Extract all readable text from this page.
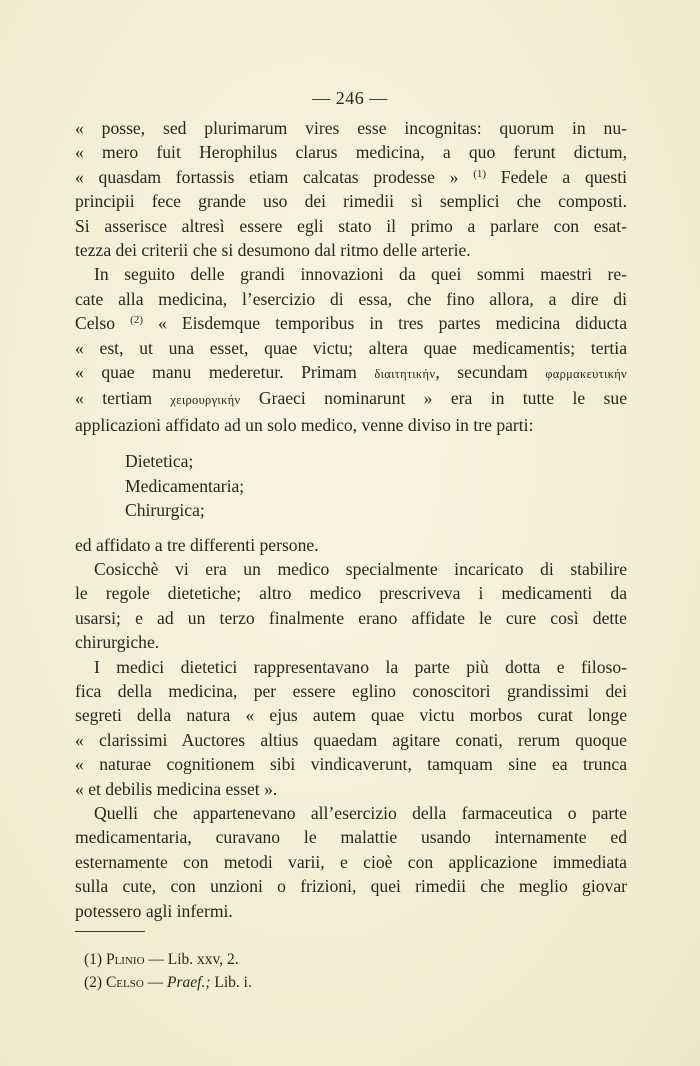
— 246 —

« posse, sed plurimarum vires esse incognitas: quorum in nu-
« mero fuit Herophilus clarus medicina, a quo ferunt dictum,
« quasdam fortassis etiam calcatas prodesse » $^{(1)}$ Fedele a questi
principii fece grande uso dei rimedii sì semplici che composti.
Si asserisce altresì essere egli stato il primo a parlare con esat-
tezza dei criterii che si desumono dal ritmo delle arterie.

In seguito delle grandi innovazioni da quei sommi maestri re-
cate alla medicina, l’esercizio di essa, che fino allora, a dire di
Celso $^{(2)}$ « Eisdemque temporibus in tres partes medicina diducta
« est, ut una esset, quae victu; altera quae medicamentis; tertia
« quae manu mederetur. Primam διαιτητικήν, secundam φαρμακευτικήν
« tertiam χειρουργικήν Graeci nominarunt » era in tutte le sue
applicazioni affidato ad un solo medico, venne diviso in tre parti:

Dietetica;
Medicamentaria;
Chirurgica;

ed affidato a tre differenti persone.

Cosicchè vi era un medico specialmente incaricato di stabilire
le regole dietetiche; altro medico prescriveva i medicamenti da
usarsi; e ad un terzo finalmente erano affidate le cure così dette
chirurgiche.

I medici dietetici rappresentavano la parte più dotta e filoso-
fica della medicina, per essere eglino conoscitori grandissimi dei
segreti della natura « ejus autem quae victu morbos curat longe
« clarissimi Auctores altius quaedam agitare conati, rerum quoque
« naturae cognitionem sibi vindicaverunt, tamquam sine ea trunca
« et debilis medicina esset ».

Quelli che appartenevano all’esercizio della farmaceutica o parte
medicamentaria, curavano le malattie usando internamente ed
esternamente con metodi varii, e cioè con applicazione immediata
sulla cute, con unzioni o frizioni, quei rimedii che meglio giovar
potessero agli infermi.

(1) Plinio — Lib. xxv, 2.
(2) Celso — Praef.; Lib. i.
